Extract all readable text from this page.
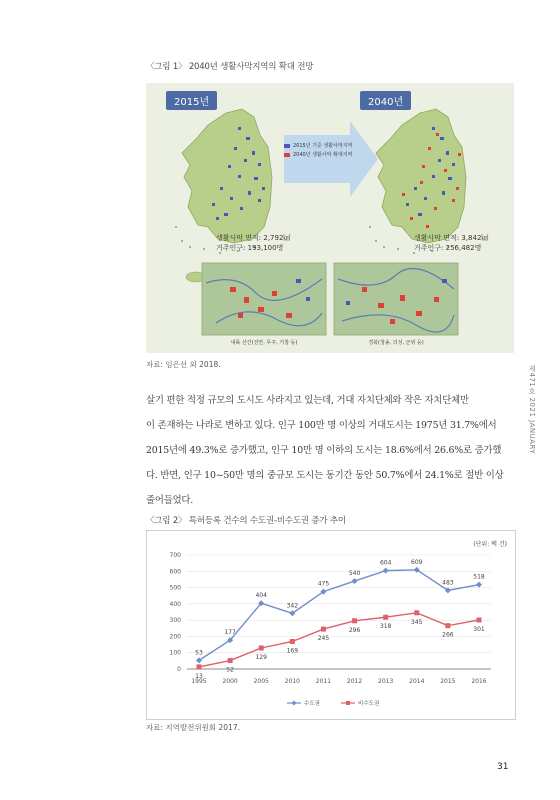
〈그림 1〉 2040년 생활사막지역의 확대 전망
2015년	2040년
2015년 기준 생활사막지역
2040년 생활사막 확대지역
생활사막 면적: 2,792㎢
거주인구: 193,100명
생활사막 면적: 3,842㎢
거주인구: 256,482명
내륙 산간(진안, 무주, 거창 등)	경북(청송, 의성, 군위 등)
자료: 임은선 외 2018.
살기 편한 적정 규모의 도시도 사라지고 있는데, 거대 자치단체와 작은 자치단체만
이 존재하는 나라로 변하고 있다. 인구 100만 명 이상의 거대도시는 1975년 31.7%에서
2015년에 49.3%로 증가했고, 인구 10만 명 이하의 도시는 18.6%에서 26.6%로 증가했
다. 반면, 인구 10~50만 명의 중규모 도시는 동기간 동안 50.7%에서 24.1%로 절반 이상
줄어들었다.
제471호 2021 JANUARY
〈그림 2〉 특허등록 건수의 수도권-비수도권 증가 추이
(단위: 백 건)
0
100
200
300
400
500
600
700
1995	2000	2005	2010	2011	2012	2013	2014	2015	2016
53
177
404
342
475
540
604	609
483
518
13
52
129
169
245
296
318
345
266
301
수도권	비수도권
자료: 지역발전위원회 2017.
31
